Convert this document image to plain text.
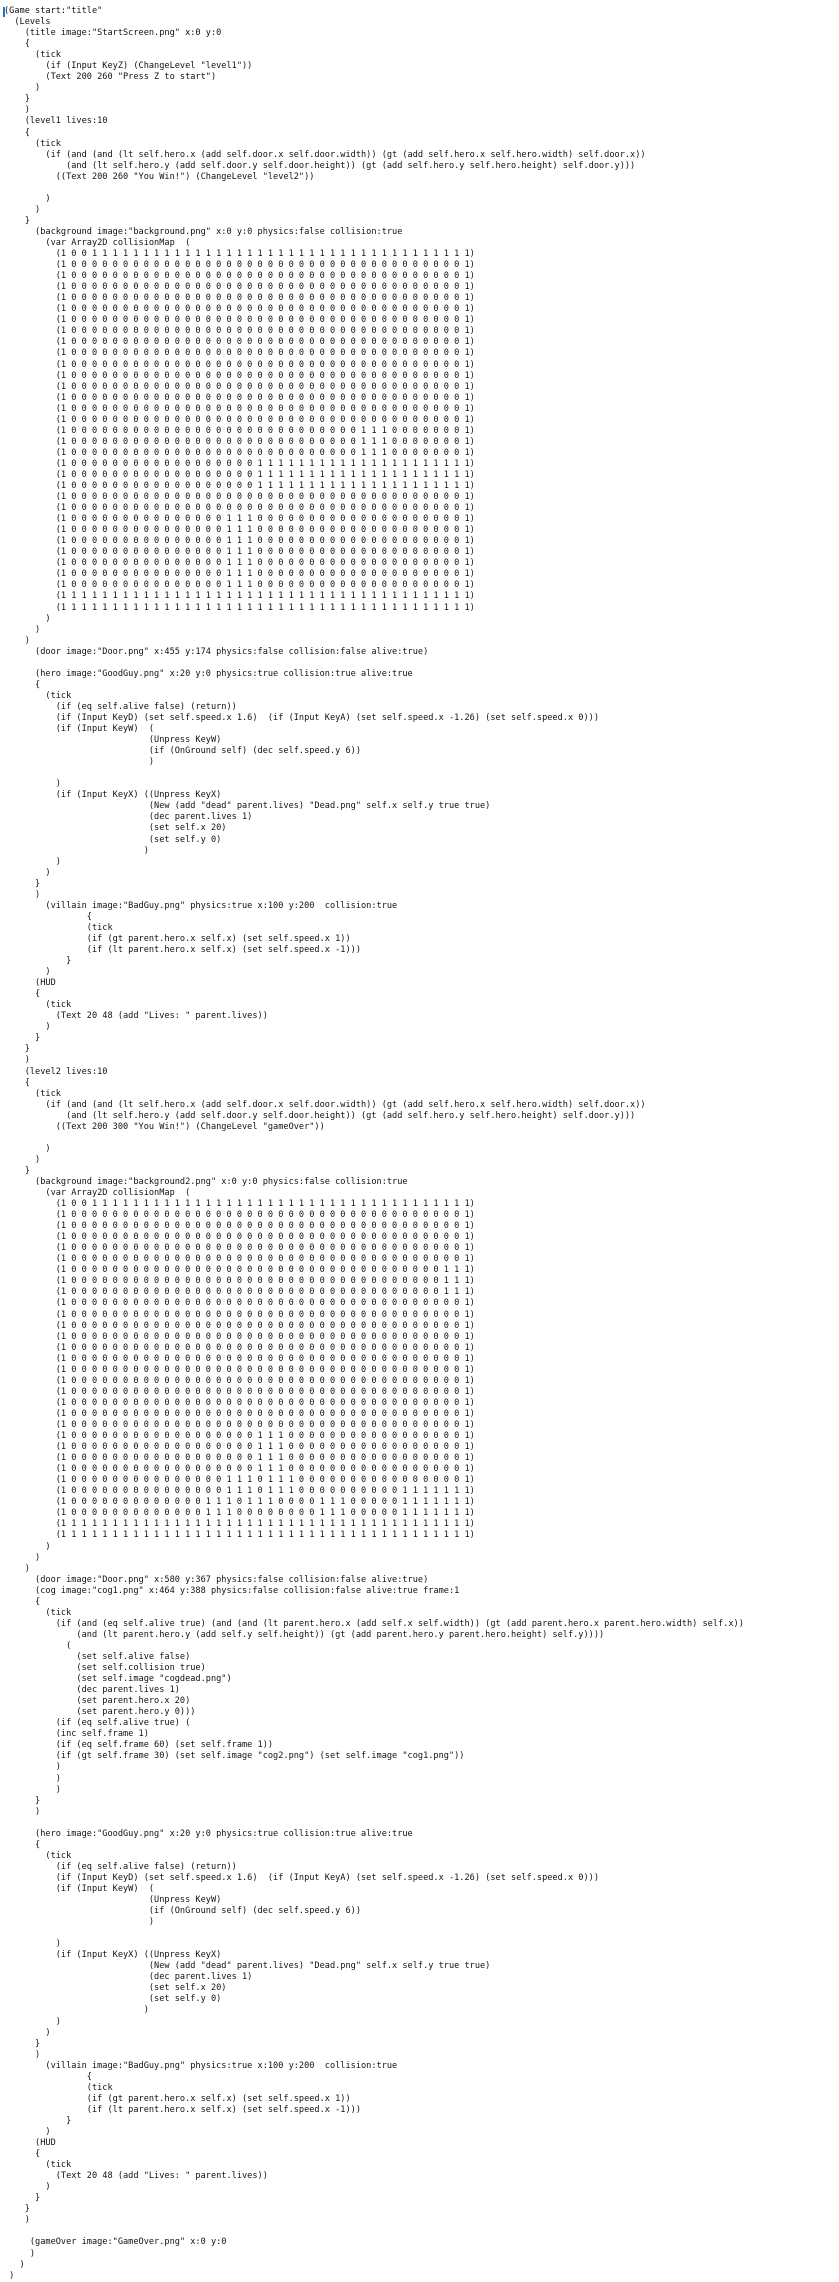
(Game start:"title"
(Levels
(title image:"StartScreen.png" x:0 y:0
{
(tick
(if (Input KeyZ) (ChangeLevel "level1"))
(Text 200 260 "Press Z to start")
)
}
)
(level1 lives:10
{
(tick
(if (and (and (lt self.hero.x (add self.door.x self.door.width)) (gt (add self.hero.x self.hero.width) self.door.x))
(and (lt self.hero.y (add self.door.y self.door.height)) (gt (add self.hero.y self.hero.height) self.door.y)))
((Text 200 260 "You Win!") (ChangeLevel "level2"))

)
)
}
(background image:"background.png" x:0 y:0 physics:false collision:true
(var Array2D collisionMap  (
(1 0 0 1 1 1 1 1 1 1 1 1 1 1 1 1 1 1 1 1 1 1 1 1 1 1 1 1 1 1 1 1 1 1 1 1 1 1 1 1)
(1 0 0 0 0 0 0 0 0 0 0 0 0 0 0 0 0 0 0 0 0 0 0 0 0 0 0 0 0 0 0 0 0 0 0 0 0 0 0 1)
(1 0 0 0 0 0 0 0 0 0 0 0 0 0 0 0 0 0 0 0 0 0 0 0 0 0 0 0 0 0 0 0 0 0 0 0 0 0 0 1)
(1 0 0 0 0 0 0 0 0 0 0 0 0 0 0 0 0 0 0 0 0 0 0 0 0 0 0 0 0 0 0 0 0 0 0 0 0 0 0 1)
(1 0 0 0 0 0 0 0 0 0 0 0 0 0 0 0 0 0 0 0 0 0 0 0 0 0 0 0 0 0 0 0 0 0 0 0 0 0 0 1)
(1 0 0 0 0 0 0 0 0 0 0 0 0 0 0 0 0 0 0 0 0 0 0 0 0 0 0 0 0 0 0 0 0 0 0 0 0 0 0 1)
(1 0 0 0 0 0 0 0 0 0 0 0 0 0 0 0 0 0 0 0 0 0 0 0 0 0 0 0 0 0 0 0 0 0 0 0 0 0 0 1)
(1 0 0 0 0 0 0 0 0 0 0 0 0 0 0 0 0 0 0 0 0 0 0 0 0 0 0 0 0 0 0 0 0 0 0 0 0 0 0 1)
(1 0 0 0 0 0 0 0 0 0 0 0 0 0 0 0 0 0 0 0 0 0 0 0 0 0 0 0 0 0 0 0 0 0 0 0 0 0 0 1)
(1 0 0 0 0 0 0 0 0 0 0 0 0 0 0 0 0 0 0 0 0 0 0 0 0 0 0 0 0 0 0 0 0 0 0 0 0 0 0 1)
(1 0 0 0 0 0 0 0 0 0 0 0 0 0 0 0 0 0 0 0 0 0 0 0 0 0 0 0 0 0 0 0 0 0 0 0 0 0 0 1)
(1 0 0 0 0 0 0 0 0 0 0 0 0 0 0 0 0 0 0 0 0 0 0 0 0 0 0 0 0 0 0 0 0 0 0 0 0 0 0 1)
(1 0 0 0 0 0 0 0 0 0 0 0 0 0 0 0 0 0 0 0 0 0 0 0 0 0 0 0 0 0 0 0 0 0 0 0 0 0 0 1)
(1 0 0 0 0 0 0 0 0 0 0 0 0 0 0 0 0 0 0 0 0 0 0 0 0 0 0 0 0 0 0 0 0 0 0 0 0 0 0 1)
(1 0 0 0 0 0 0 0 0 0 0 0 0 0 0 0 0 0 0 0 0 0 0 0 0 0 0 0 0 0 0 0 0 0 0 0 0 0 0 1)
(1 0 0 0 0 0 0 0 0 0 0 0 0 0 0 0 0 0 0 0 0 0 0 0 0 0 0 0 0 0 0 0 0 0 0 0 0 0 0 1)
(1 0 0 0 0 0 0 0 0 0 0 0 0 0 0 0 0 0 0 0 0 0 0 0 0 0 0 0 0 1 1 1 0 0 0 0 0 0 0 1)
(1 0 0 0 0 0 0 0 0 0 0 0 0 0 0 0 0 0 0 0 0 0 0 0 0 0 0 0 0 1 1 1 0 0 0 0 0 0 0 1)
(1 0 0 0 0 0 0 0 0 0 0 0 0 0 0 0 0 0 0 0 0 0 0 0 0 0 0 0 0 1 1 1 0 0 0 0 0 0 0 1)
(1 0 0 0 0 0 0 0 0 0 0 0 0 0 0 0 0 0 0 1 1 1 1 1 1 1 1 1 1 1 1 1 1 1 1 1 1 1 1 1)
(1 0 0 0 0 0 0 0 0 0 0 0 0 0 0 0 0 0 0 1 1 1 1 1 1 1 1 1 1 1 1 1 1 1 1 1 1 1 1 1)
(1 0 0 0 0 0 0 0 0 0 0 0 0 0 0 0 0 0 0 1 1 1 1 1 1 1 1 1 1 1 1 1 1 1 1 1 1 1 1 1)
(1 0 0 0 0 0 0 0 0 0 0 0 0 0 0 0 0 0 0 0 0 0 0 0 0 0 0 0 0 0 0 0 0 0 0 0 0 0 0 1)
(1 0 0 0 0 0 0 0 0 0 0 0 0 0 0 0 0 0 0 0 0 0 0 0 0 0 0 0 0 0 0 0 0 0 0 0 0 0 0 1)
(1 0 0 0 0 0 0 0 0 0 0 0 0 0 0 0 1 1 1 0 0 0 0 0 0 0 0 0 0 0 0 0 0 0 0 0 0 0 0 1)
(1 0 0 0 0 0 0 0 0 0 0 0 0 0 0 0 1 1 1 0 0 0 0 0 0 0 0 0 0 0 0 0 0 0 0 0 0 0 0 1)
(1 0 0 0 0 0 0 0 0 0 0 0 0 0 0 0 1 1 1 0 0 0 0 0 0 0 0 0 0 0 0 0 0 0 0 0 0 0 0 1)
(1 0 0 0 0 0 0 0 0 0 0 0 0 0 0 0 1 1 1 0 0 0 0 0 0 0 0 0 0 0 0 0 0 0 0 0 0 0 0 1)
(1 0 0 0 0 0 0 0 0 0 0 0 0 0 0 0 1 1 1 0 0 0 0 0 0 0 0 0 0 0 0 0 0 0 0 0 0 0 0 1)
(1 0 0 0 0 0 0 0 0 0 0 0 0 0 0 0 1 1 1 0 0 0 0 0 0 0 0 0 0 0 0 0 0 0 0 0 0 0 0 1)
(1 0 0 0 0 0 0 0 0 0 0 0 0 0 0 0 1 1 1 0 0 0 0 0 0 0 0 0 0 0 0 0 0 0 0 0 0 0 0 1)
(1 1 1 1 1 1 1 1 1 1 1 1 1 1 1 1 1 1 1 1 1 1 1 1 1 1 1 1 1 1 1 1 1 1 1 1 1 1 1 1)
(1 1 1 1 1 1 1 1 1 1 1 1 1 1 1 1 1 1 1 1 1 1 1 1 1 1 1 1 1 1 1 1 1 1 1 1 1 1 1 1)
)
)
)
(door image:"Door.png" x:455 y:174 physics:false collision:false alive:true)

(hero image:"GoodGuy.png" x:20 y:0 physics:true collision:true alive:true
{
(tick
(if (eq self.alive false) (return))
(if (Input KeyD) (set self.speed.x 1.6)  (if (Input KeyA) (set self.speed.x -1.26) (set self.speed.x 0)))
(if (Input KeyW)  (
(Unpress KeyW)
(if (OnGround self) (dec self.speed.y 6))
)

)
(if (Input KeyX) ((Unpress KeyX)
(New (add "dead" parent.lives) "Dead.png" self.x self.y true true)
(dec parent.lives 1)
(set self.x 20)
(set self.y 0)
)
)
)
}
)
(villain image:"BadGuy.png" physics:true x:100 y:200  collision:true
{
(tick
(if (gt parent.hero.x self.x) (set self.speed.x 1))
(if (lt parent.hero.x self.x) (set self.speed.x -1)))
}
)
(HUD
{
(tick
(Text 20 48 (add "Lives: " parent.lives))
)
}
}
)
(level2 lives:10
{
(tick
(if (and (and (lt self.hero.x (add self.door.x self.door.width)) (gt (add self.hero.x self.hero.width) self.door.x))
(and (lt self.hero.y (add self.door.y self.door.height)) (gt (add self.hero.y self.hero.height) self.door.y)))
((Text 200 300 "You Win!") (ChangeLevel "gameOver"))

)
)
}
(background image:"background2.png" x:0 y:0 physics:false collision:true
(var Array2D collisionMap  (
(1 0 0 1 1 1 1 1 1 1 1 1 1 1 1 1 1 1 1 1 1 1 1 1 1 1 1 1 1 1 1 1 1 1 1 1 1 1 1 1)
(1 0 0 0 0 0 0 0 0 0 0 0 0 0 0 0 0 0 0 0 0 0 0 0 0 0 0 0 0 0 0 0 0 0 0 0 0 0 0 1)
(1 0 0 0 0 0 0 0 0 0 0 0 0 0 0 0 0 0 0 0 0 0 0 0 0 0 0 0 0 0 0 0 0 0 0 0 0 0 0 1)
(1 0 0 0 0 0 0 0 0 0 0 0 0 0 0 0 0 0 0 0 0 0 0 0 0 0 0 0 0 0 0 0 0 0 0 0 0 0 0 1)
(1 0 0 0 0 0 0 0 0 0 0 0 0 0 0 0 0 0 0 0 0 0 0 0 0 0 0 0 0 0 0 0 0 0 0 0 0 0 0 1)
(1 0 0 0 0 0 0 0 0 0 0 0 0 0 0 0 0 0 0 0 0 0 0 0 0 0 0 0 0 0 0 0 0 0 0 0 0 0 0 1)
(1 0 0 0 0 0 0 0 0 0 0 0 0 0 0 0 0 0 0 0 0 0 0 0 0 0 0 0 0 0 0 0 0 0 0 0 0 1 1 1)
(1 0 0 0 0 0 0 0 0 0 0 0 0 0 0 0 0 0 0 0 0 0 0 0 0 0 0 0 0 0 0 0 0 0 0 0 0 1 1 1)
(1 0 0 0 0 0 0 0 0 0 0 0 0 0 0 0 0 0 0 0 0 0 0 0 0 0 0 0 0 0 0 0 0 0 0 0 0 1 1 1)
(1 0 0 0 0 0 0 0 0 0 0 0 0 0 0 0 0 0 0 0 0 0 0 0 0 0 0 0 0 0 0 0 0 0 0 0 0 0 0 1)
(1 0 0 0 0 0 0 0 0 0 0 0 0 0 0 0 0 0 0 0 0 0 0 0 0 0 0 0 0 0 0 0 0 0 0 0 0 0 0 1)
(1 0 0 0 0 0 0 0 0 0 0 0 0 0 0 0 0 0 0 0 0 0 0 0 0 0 0 0 0 0 0 0 0 0 0 0 0 0 0 1)
(1 0 0 0 0 0 0 0 0 0 0 0 0 0 0 0 0 0 0 0 0 0 0 0 0 0 0 0 0 0 0 0 0 0 0 0 0 0 0 1)
(1 0 0 0 0 0 0 0 0 0 0 0 0 0 0 0 0 0 0 0 0 0 0 0 0 0 0 0 0 0 0 0 0 0 0 0 0 0 0 1)
(1 0 0 0 0 0 0 0 0 0 0 0 0 0 0 0 0 0 0 0 0 0 0 0 0 0 0 0 0 0 0 0 0 0 0 0 0 0 0 1)
(1 0 0 0 0 0 0 0 0 0 0 0 0 0 0 0 0 0 0 0 0 0 0 0 0 0 0 0 0 0 0 0 0 0 0 0 0 0 0 1)
(1 0 0 0 0 0 0 0 0 0 0 0 0 0 0 0 0 0 0 0 0 0 0 0 0 0 0 0 0 0 0 0 0 0 0 0 0 0 0 1)
(1 0 0 0 0 0 0 0 0 0 0 0 0 0 0 0 0 0 0 0 0 0 0 0 0 0 0 0 0 0 0 0 0 0 0 0 0 0 0 1)
(1 0 0 0 0 0 0 0 0 0 0 0 0 0 0 0 0 0 0 0 0 0 0 0 0 0 0 0 0 0 0 0 0 0 0 0 0 0 0 1)
(1 0 0 0 0 0 0 0 0 0 0 0 0 0 0 0 0 0 0 0 0 0 0 0 0 0 0 0 0 0 0 0 0 0 0 0 0 0 0 1)
(1 0 0 0 0 0 0 0 0 0 0 0 0 0 0 0 0 0 0 0 0 0 0 0 0 0 0 0 0 0 0 0 0 0 0 0 0 0 0 1)
(1 0 0 0 0 0 0 0 0 0 0 0 0 0 0 0 0 0 0 1 1 1 0 0 0 0 0 0 0 0 0 0 0 0 0 0 0 0 0 1)
(1 0 0 0 0 0 0 0 0 0 0 0 0 0 0 0 0 0 0 1 1 1 0 0 0 0 0 0 0 0 0 0 0 0 0 0 0 0 0 1)
(1 0 0 0 0 0 0 0 0 0 0 0 0 0 0 0 0 0 0 1 1 1 0 0 0 0 0 0 0 0 0 0 0 0 0 0 0 0 0 1)
(1 0 0 0 0 0 0 0 0 0 0 0 0 0 0 0 0 0 0 1 1 1 0 0 0 0 0 0 0 0 0 0 0 0 0 0 0 0 0 1)
(1 0 0 0 0 0 0 0 0 0 0 0 0 0 0 0 1 1 1 0 1 1 1 0 0 0 0 0 0 0 0 0 0 0 0 0 0 0 0 1)
(1 0 0 0 0 0 0 0 0 0 0 0 0 0 0 0 1 1 1 0 1 1 1 0 0 0 0 0 0 0 0 0 0 1 1 1 1 1 1 1)
(1 0 0 0 0 0 0 0 0 0 0 0 0 0 1 1 1 0 1 1 1 0 0 0 0 1 1 1 0 0 0 0 0 1 1 1 1 1 1 1)
(1 0 0 0 0 0 0 0 0 0 0 0 0 0 1 1 1 0 0 0 0 0 0 0 0 1 1 1 0 0 0 0 0 1 1 1 1 1 1 1)
(1 1 1 1 1 1 1 1 1 1 1 1 1 1 1 1 1 1 1 1 1 1 1 1 1 1 1 1 1 1 1 1 1 1 1 1 1 1 1 1)
(1 1 1 1 1 1 1 1 1 1 1 1 1 1 1 1 1 1 1 1 1 1 1 1 1 1 1 1 1 1 1 1 1 1 1 1 1 1 1 1)
)
)
)
(door image:"Door.png" x:580 y:367 physics:false collision:false alive:true)
(cog image:"cog1.png" x:464 y:388 physics:false collision:false alive:true frame:1
{
(tick
(if (and (eq self.alive true) (and (and (lt parent.hero.x (add self.x self.width)) (gt (add parent.hero.x parent.hero.width) self.x))
(and (lt parent.hero.y (add self.y self.height)) (gt (add parent.hero.y parent.hero.height) self.y))))
(
(set self.alive false)
(set self.collision true)
(set self.image "cogdead.png")
(dec parent.lives 1)
(set parent.hero.x 20)
(set parent.hero.y 0)))
(if (eq self.alive true) (
(inc self.frame 1)
(if (eq self.frame 60) (set self.frame 1))
(if (gt self.frame 30) (set self.image "cog2.png") (set self.image "cog1.png"))
)
)
)
}
)

(hero image:"GoodGuy.png" x:20 y:0 physics:true collision:true alive:true
{
(tick
(if (eq self.alive false) (return))
(if (Input KeyD) (set self.speed.x 1.6)  (if (Input KeyA) (set self.speed.x -1.26) (set self.speed.x 0)))
(if (Input KeyW)  (
(Unpress KeyW)
(if (OnGround self) (dec self.speed.y 6))
)

)
(if (Input KeyX) ((Unpress KeyX)
(New (add "dead" parent.lives) "Dead.png" self.x self.y true true)
(dec parent.lives 1)
(set self.x 20)
(set self.y 0)
)
)
)
}
)
(villain image:"BadGuy.png" physics:true x:100 y:200  collision:true
{
(tick
(if (gt parent.hero.x self.x) (set self.speed.x 1))
(if (lt parent.hero.x self.x) (set self.speed.x -1)))
}
)
(HUD
{
(tick
(Text 20 48 (add "Lives: " parent.lives))
)
}
}
)

(gameOver image:"GameOver.png" x:0 y:0
)
)
)
